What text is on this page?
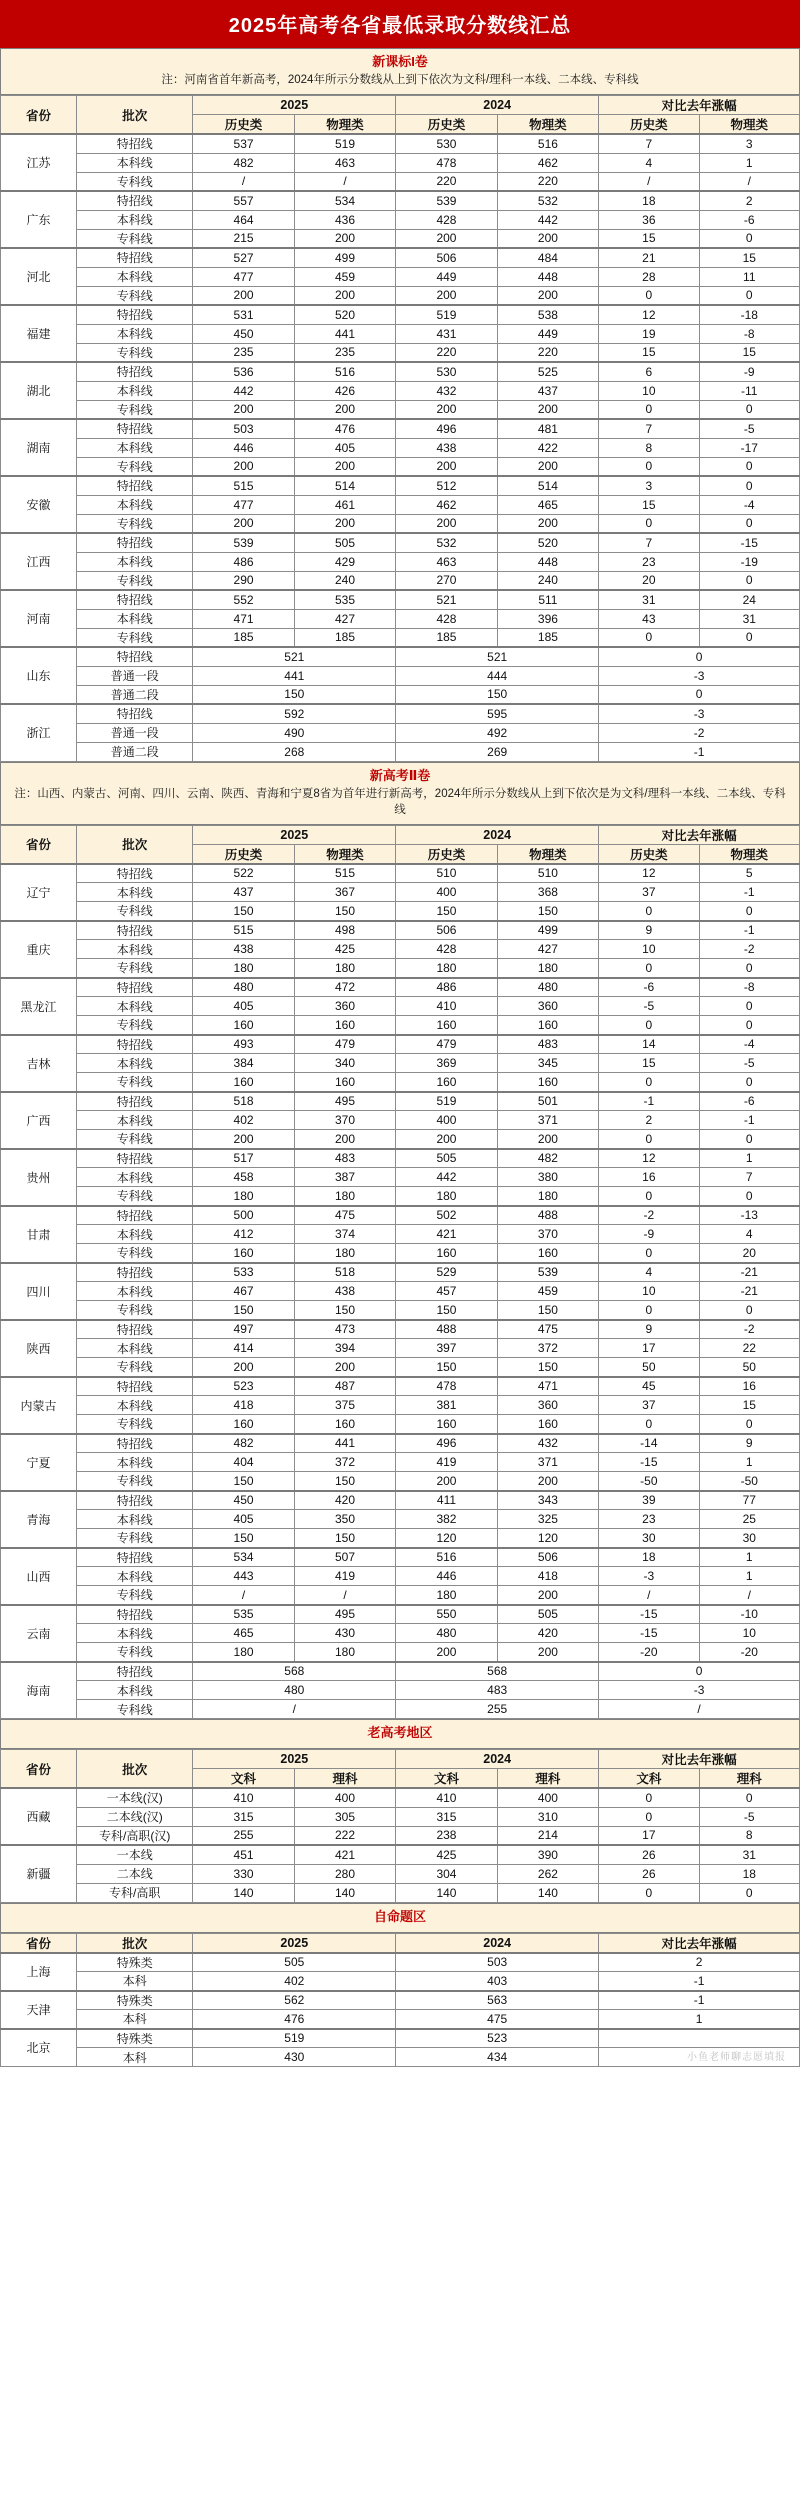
2025年高考各省最低录取分数线汇总
新课标I卷
注：河南省首年新高考，2024年所示分数线从上到下依次为文科/理科一本线、二本线、专科线
省份	批次	2025		2024		对比去年涨幅	
		历史类	物理类	历史类	物理类	历史类	物理类
江苏	特招线	537	519	530	516	7	3
	本科线	482	463	478	462	4	1
	专科线	/	/	220	220	/	/
广东	特招线	557	534	539	532	18	2
	本科线	464	436	428	442	36	-6
	专科线	215	200	200	200	15	0
河北	特招线	527	499	506	484	21	15
	本科线	477	459	449	448	28	11
	专科线	200	200	200	200	0	0
福建	特招线	531	520	519	538	12	-18
	本科线	450	441	431	449	19	-8
	专科线	235	235	220	220	15	15
湖北	特招线	536	516	530	525	6	-9
	本科线	442	426	432	437	10	-11
	专科线	200	200	200	200	0	0
湖南	特招线	503	476	496	481	7	-5
	本科线	446	405	438	422	8	-17
	专科线	200	200	200	200	0	0
安徽	特招线	515	514	512	514	3	0
	本科线	477	461	462	465	15	-4
	专科线	200	200	200	200	0	0
江西	特招线	539	505	532	520	7	-15
	本科线	486	429	463	448	23	-19
	专科线	290	240	270	240	20	0
河南	特招线	552	535	521	511	31	24
	本科线	471	427	428	396	43	31
	专科线	185	185	185	185	0	0
山东	特招线	521		521		0	
	普通一段	441		444		-3	
	普通二段	150		150		0	
浙江	特招线	592		595		-3	
	普通一段	490		492		-2	
	普通二段	268		269		-1	
新高考Ⅱ卷
注：山西、内蒙古、河南、四川、云南、陕西、青海和宁夏8省为首年进行新高考，2024年所示分数线从上到下依次是为文科/理科一本线、二本线、专科线
省份	批次	2025		2024		对比去年涨幅	
		历史类	物理类	历史类	物理类	历史类	物理类
辽宁	特招线	522	515	510	510	12	5
	本科线	437	367	400	368	37	-1
	专科线	150	150	150	150	0	0
重庆	特招线	515	498	506	499	9	-1
	本科线	438	425	428	427	10	-2
	专科线	180	180	180	180	0	0
黑龙江	特招线	480	472	486	480	-6	-8
	本科线	405	360	410	360	-5	0
	专科线	160	160	160	160	0	0
吉林	特招线	493	479	479	483	14	-4
	本科线	384	340	369	345	15	-5
	专科线	160	160	160	160	0	0
广西	特招线	518	495	519	501	-1	-6
	本科线	402	370	400	371	2	-1
	专科线	200	200	200	200	0	0
贵州	特招线	517	483	505	482	12	1
	本科线	458	387	442	380	16	7
	专科线	180	180	180	180	0	0
甘肃	特招线	500	475	502	488	-2	-13
	本科线	412	374	421	370	-9	4
	专科线	160	180	160	160	0	20
四川	特招线	533	518	529	539	4	-21
	本科线	467	438	457	459	10	-21
	专科线	150	150	150	150	0	0
陕西	特招线	497	473	488	475	9	-2
	本科线	414	394	397	372	17	22
	专科线	200	200	150	150	50	50
内蒙古	特招线	523	487	478	471	45	16
	本科线	418	375	381	360	37	15
	专科线	160	160	160	160	0	0
宁夏	特招线	482	441	496	432	-14	9
	本科线	404	372	419	371	-15	1
	专科线	150	150	200	200	-50	-50
青海	特招线	450	420	411	343	39	77
	本科线	405	350	382	325	23	25
	专科线	150	150	120	120	30	30
山西	特招线	534	507	516	506	18	1
	本科线	443	419	446	418	-3	1
	专科线	/	/	180	200	/	/
云南	特招线	535	495	550	505	-15	-10
	本科线	465	430	480	420	-15	10
	专科线	180	180	200	200	-20	-20
海南	特招线	568		568		0	
	本科线	480		483		-3	
	专科线	/		255		/	
老高考地区
省份	批次	2025		2024		对比去年涨幅	
		文科	理科	文科	理科	文科	理科
西藏	一本线(汉)	410	400	410	400	0	0
	二本线(汉)	315	305	315	310	0	-5
	专科/高职(汉)	255	222	238	214	17	8
新疆	一本线	451	421	425	390	26	31
	二本线	330	280	304	262	26	18
	专科/高职	140	140	140	140	0	0
自命题区
省份	批次	2025	2024	对比去年涨幅
上海	特殊类	505	503	2
	本科	402	403	-1
天津	特殊类	562	563	-1
	本科	476	475	1
北京	特殊类	519	523	
	本科	430	434		小鱼老师聊志愿填报
